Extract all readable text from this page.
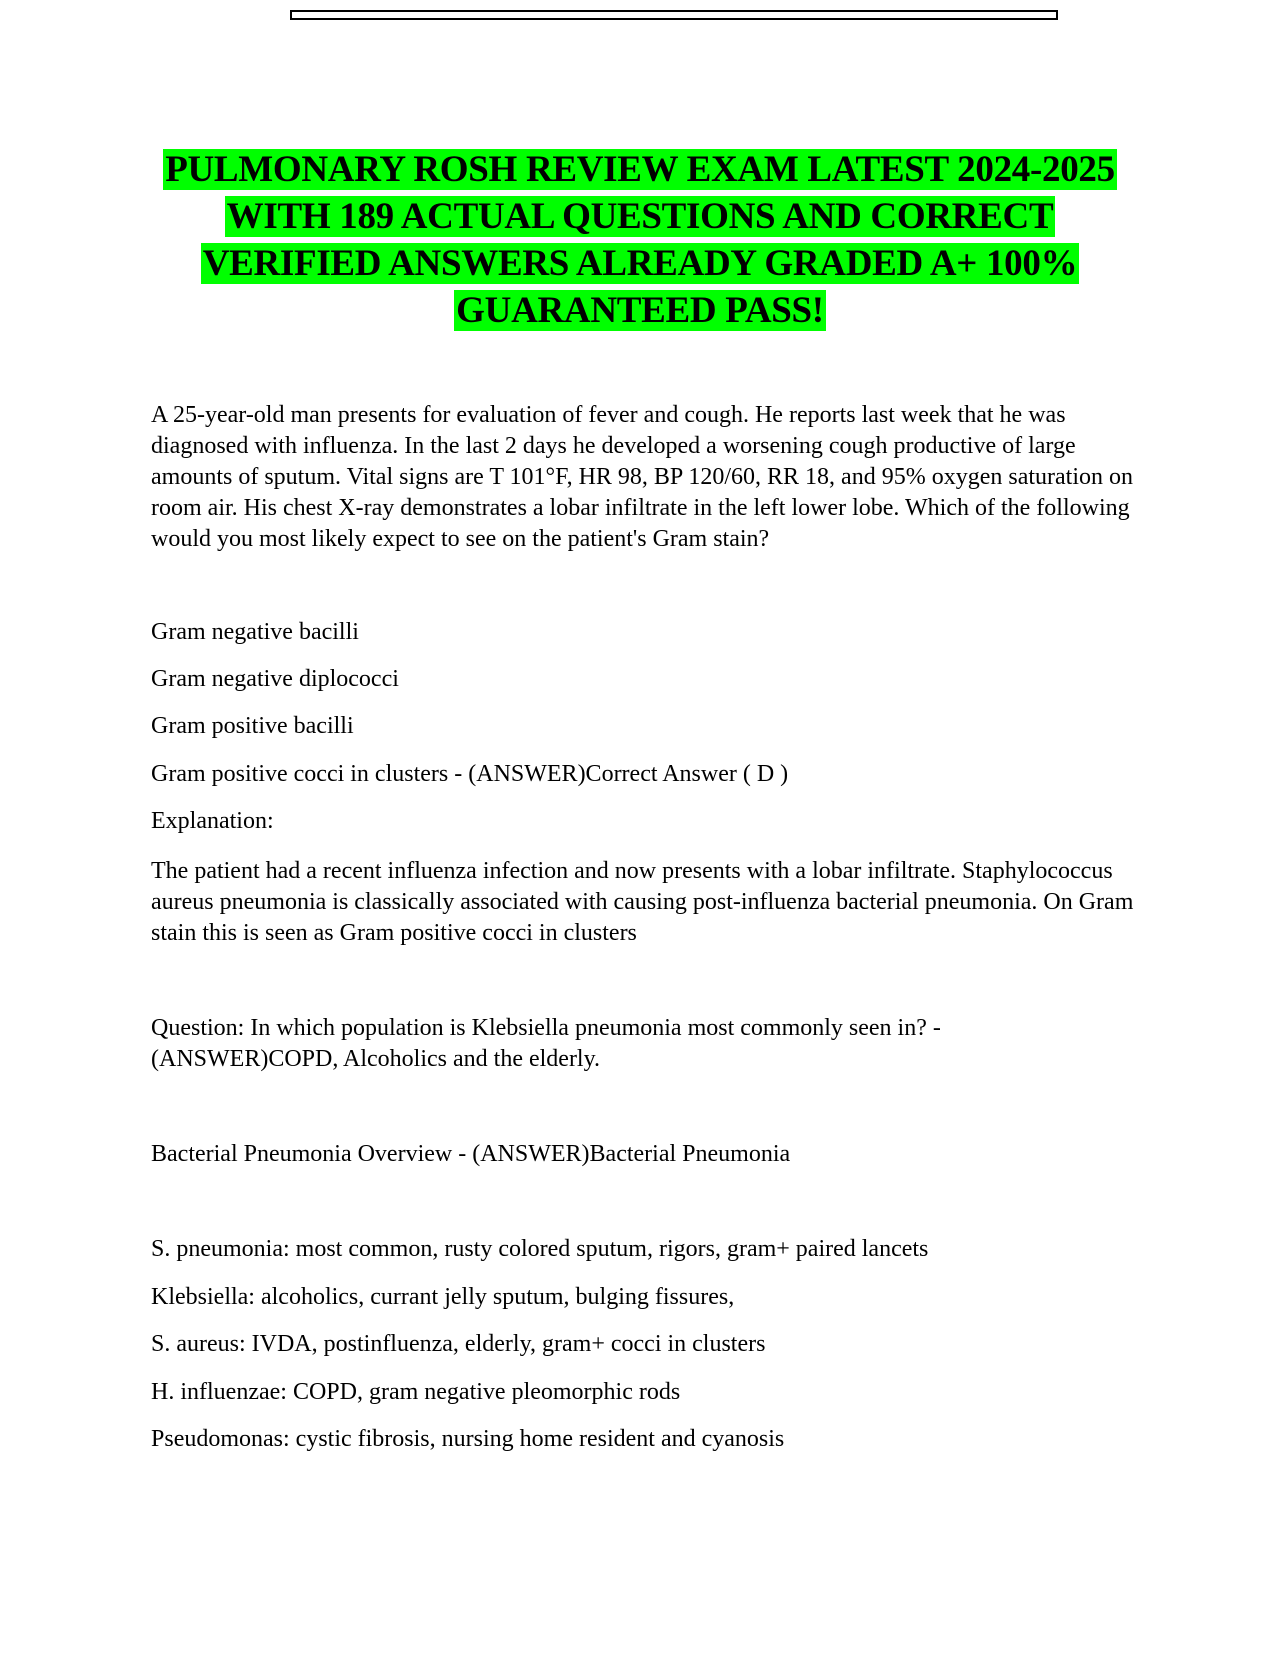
PULMONARY ROSH REVIEW EXAM LATEST 2024-2025 WITH 189 ACTUAL QUESTIONS AND CORRECT VERIFIED ANSWERS ALREADY GRADED A+ 100% GUARANTEED PASS!

A 25-year-old man presents for evaluation of fever and cough. He reports last week that he was diagnosed with influenza. In the last 2 days he developed a worsening cough productive of large amounts of sputum. Vital signs are T 101°F, HR 98, BP 120/60, RR 18, and 95% oxygen saturation on room air. His chest X-ray demonstrates a lobar infiltrate in the left lower lobe. Which of the following would you most likely expect to see on the patient's Gram stain?

Gram negative bacilli
Gram negative diplococci
Gram positive bacilli
Gram positive cocci in clusters - (ANSWER)Correct Answer ( D )
Explanation:

The patient had a recent influenza infection and now presents with a lobar infiltrate. Staphylococcus aureus pneumonia is classically associated with causing post-influenza bacterial pneumonia. On Gram stain this is seen as Gram positive cocci in clusters

Question: In which population is Klebsiella pneumonia most commonly seen in? - (ANSWER)COPD, Alcoholics and the elderly.

Bacterial Pneumonia Overview - (ANSWER)Bacterial Pneumonia
S. pneumonia: most common, rusty colored sputum, rigors, gram+ paired lancets
Klebsiella: alcoholics, currant jelly sputum, bulging fissures,
S. aureus: IVDA, postinfluenza, elderly, gram+ cocci in clusters
H. influenzae: COPD, gram negative pleomorphic rods
Pseudomonas: cystic fibrosis, nursing home resident and cyanosis
